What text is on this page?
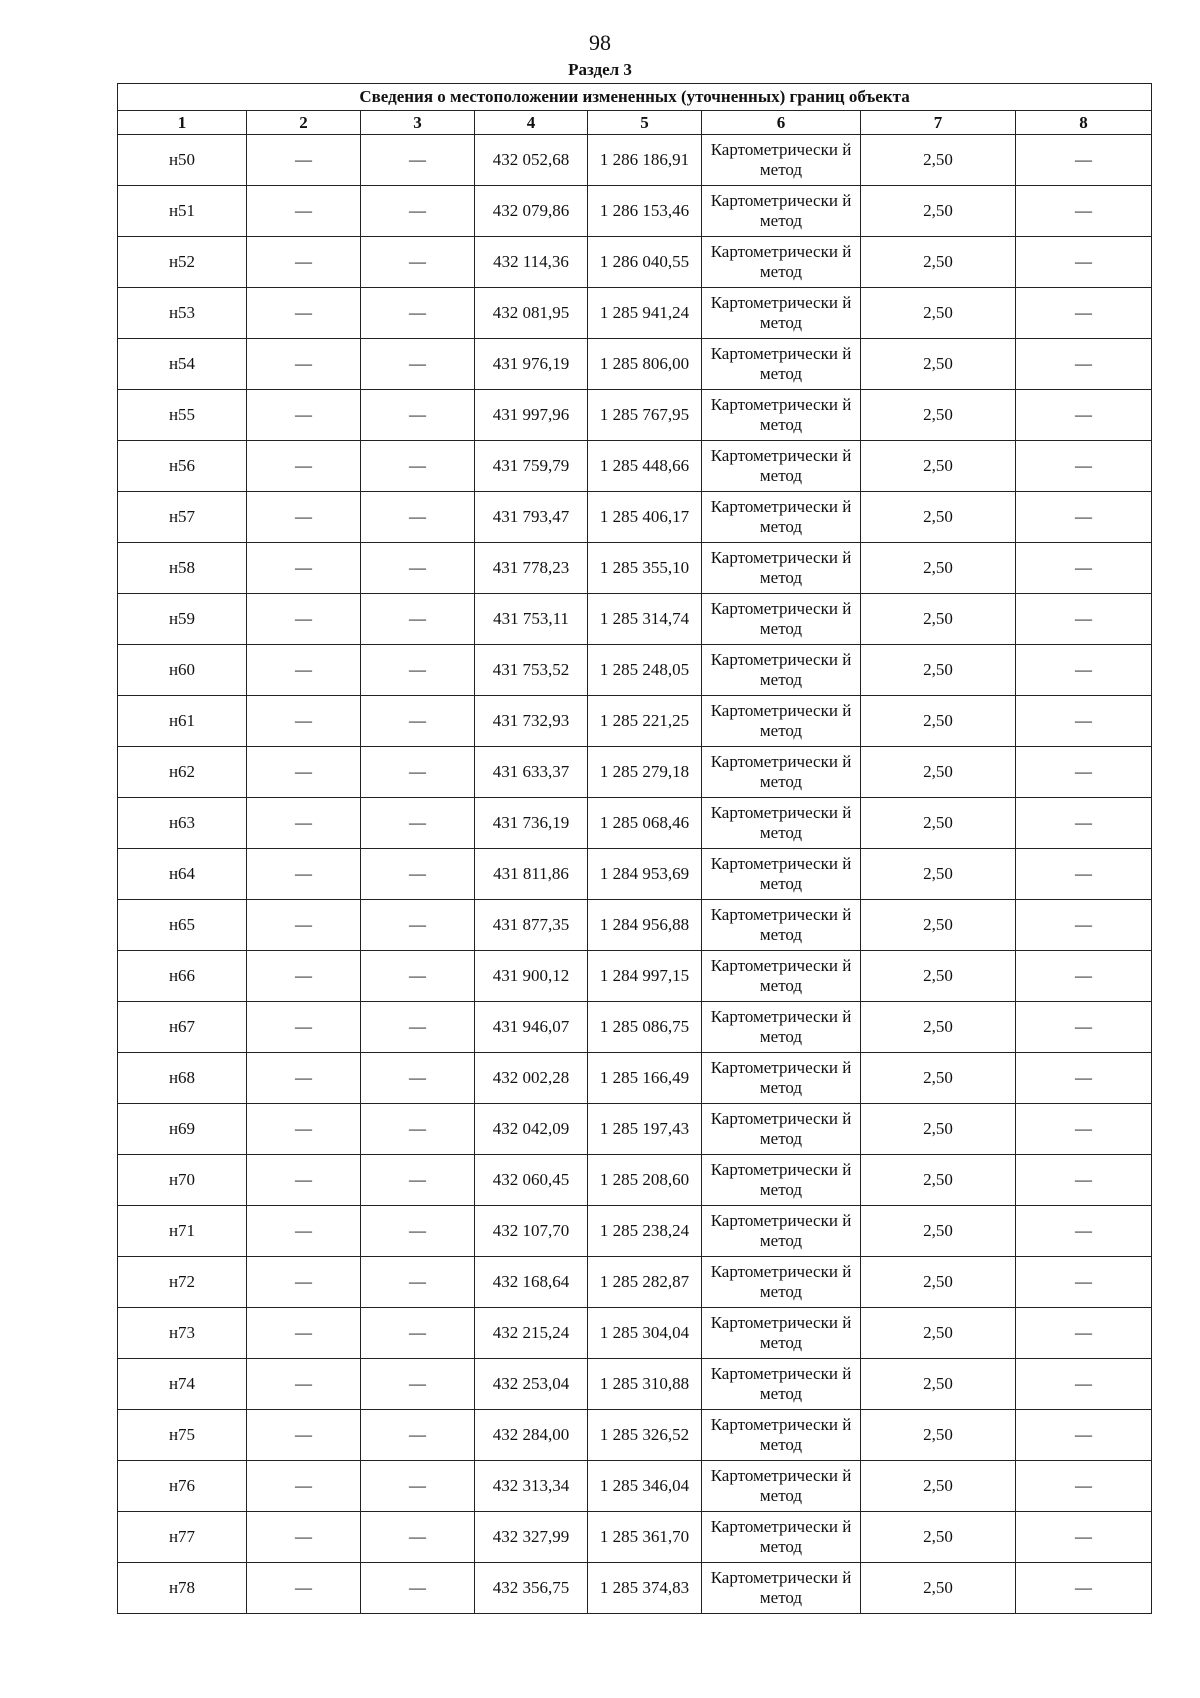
98
Раздел 3
Сведения о местоположении измененных (уточненных) границ объекта							
1	2	3	4	5	6	7	8
н50	—	—	432 052,68	1 286 186,91	Картометрически й метод	2,50	—
н51	—	—	432 079,86	1 286 153,46	Картометрически й метод	2,50	—
н52	—	—	432 114,36	1 286 040,55	Картометрически й метод	2,50	—
н53	—	—	432 081,95	1 285 941,24	Картометрически й метод	2,50	—
н54	—	—	431 976,19	1 285 806,00	Картометрически й метод	2,50	—
н55	—	—	431 997,96	1 285 767,95	Картометрически й метод	2,50	—
н56	—	—	431 759,79	1 285 448,66	Картометрически й метод	2,50	—
н57	—	—	431 793,47	1 285 406,17	Картометрически й метод	2,50	—
н58	—	—	431 778,23	1 285 355,10	Картометрически й метод	2,50	—
н59	—	—	431 753,11	1 285 314,74	Картометрически й метод	2,50	—
н60	—	—	431 753,52	1 285 248,05	Картометрически й метод	2,50	—
н61	—	—	431 732,93	1 285 221,25	Картометрически й метод	2,50	—
н62	—	—	431 633,37	1 285 279,18	Картометрически й метод	2,50	—
н63	—	—	431 736,19	1 285 068,46	Картометрически й метод	2,50	—
н64	—	—	431 811,86	1 284 953,69	Картометрически й метод	2,50	—
н65	—	—	431 877,35	1 284 956,88	Картометрически й метод	2,50	—
н66	—	—	431 900,12	1 284 997,15	Картометрически й метод	2,50	—
н67	—	—	431 946,07	1 285 086,75	Картометрически й метод	2,50	—
н68	—	—	432 002,28	1 285 166,49	Картометрически й метод	2,50	—
н69	—	—	432 042,09	1 285 197,43	Картометрически й метод	2,50	—
н70	—	—	432 060,45	1 285 208,60	Картометрически й метод	2,50	—
н71	—	—	432 107,70	1 285 238,24	Картометрически й метод	2,50	—
н72	—	—	432 168,64	1 285 282,87	Картометрически й метод	2,50	—
н73	—	—	432 215,24	1 285 304,04	Картометрически й метод	2,50	—
н74	—	—	432 253,04	1 285 310,88	Картометрически й метод	2,50	—
н75	—	—	432 284,00	1 285 326,52	Картометрически й метод	2,50	—
н76	—	—	432 313,34	1 285 346,04	Картометрически й метод	2,50	—
н77	—	—	432 327,99	1 285 361,70	Картометрически й метод	2,50	—
н78	—	—	432 356,75	1 285 374,83	Картометрически й метод	2,50	—
